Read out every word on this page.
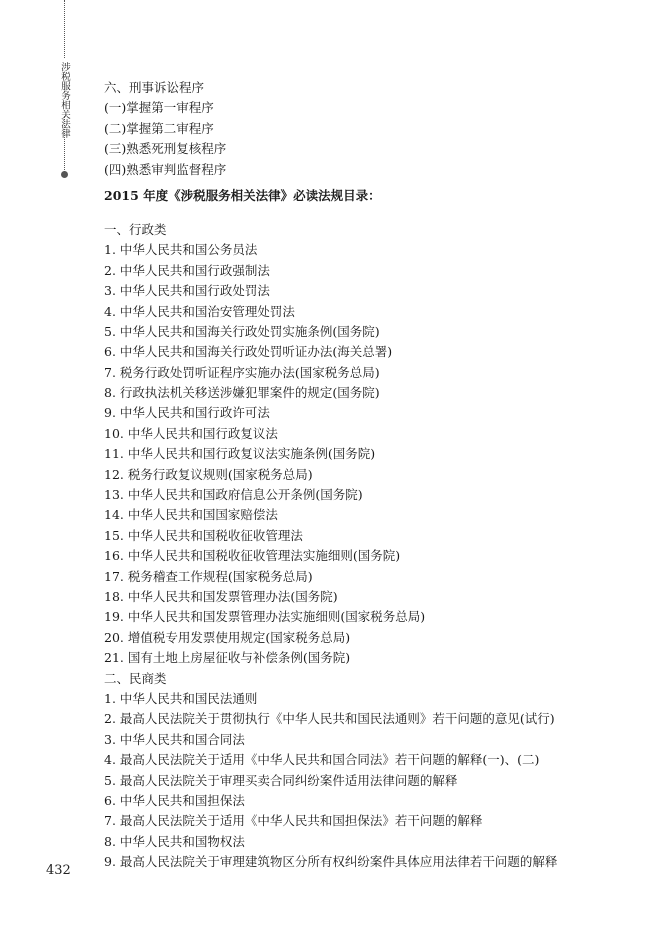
涉税服务相关法律	六、刑事诉讼程序
(一)掌握第一审程序
(二)掌握第二审程序
(三)熟悉死刑复核程序
(四)熟悉审判监督程序
2015 年度《涉税服务相关法律》必读法规目录：
一、行政类
1. 中华人民共和国公务员法
2. 中华人民共和国行政强制法
3. 中华人民共和国行政处罚法
4. 中华人民共和国治安管理处罚法
5. 中华人民共和国海关行政处罚实施条例(国务院)
6. 中华人民共和国海关行政处罚听证办法(海关总署)
7. 税务行政处罚听证程序实施办法(国家税务总局)
8. 行政执法机关移送涉嫌犯罪案件的规定(国务院)
9. 中华人民共和国行政许可法
10. 中华人民共和国行政复议法
11. 中华人民共和国行政复议法实施条例(国务院)
12. 税务行政复议规则(国家税务总局)
13. 中华人民共和国政府信息公开条例(国务院)
14. 中华人民共和国国家赔偿法
15. 中华人民共和国税收征收管理法
16. 中华人民共和国税收征收管理法实施细则(国务院)
17. 税务稽查工作规程(国家税务总局)
18. 中华人民共和国发票管理办法(国务院)
19. 中华人民共和国发票管理办法实施细则(国家税务总局)
20. 增值税专用发票使用规定(国家税务总局)
21. 国有土地上房屋征收与补偿条例(国务院)
二、民商类
1. 中华人民共和国民法通则
2. 最高人民法院关于贯彻执行《中华人民共和国民法通则》若干问题的意见(试行)
3. 中华人民共和国合同法
4. 最高人民法院关于适用《中华人民共和国合同法》若干问题的解释(一)、(二)
5. 最高人民法院关于审理买卖合同纠纷案件适用法律问题的解释
6. 中华人民共和国担保法
7. 最高人民法院关于适用《中华人民共和国担保法》若干问题的解释
8. 中华人民共和国物权法
9. 最高人民法院关于审理建筑物区分所有权纠纷案件具体应用法律若干问题的解释
432
